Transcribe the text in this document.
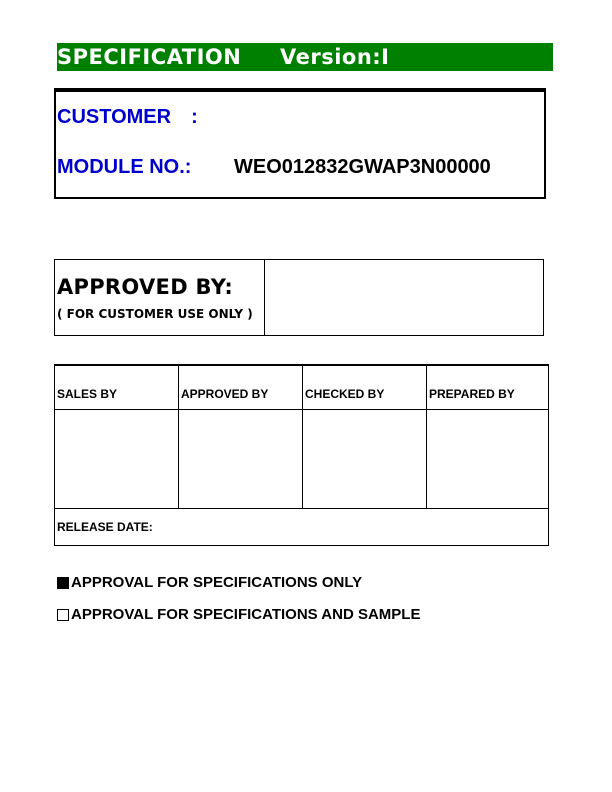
SPECIFICATION Version:I
CUSTOMER　:
MODULE NO.: WEO012832GWAP3N00000
APPROVED BY:
( FOR CUSTOMER USE ONLY )
SALES BY	APPROVED BY	CHECKED BY	PREPARED BY

RELEASE DATE:			
APPROVAL FOR SPECIFICATIONS ONLY
APPROVAL FOR SPECIFICATIONS AND SAMPLE
